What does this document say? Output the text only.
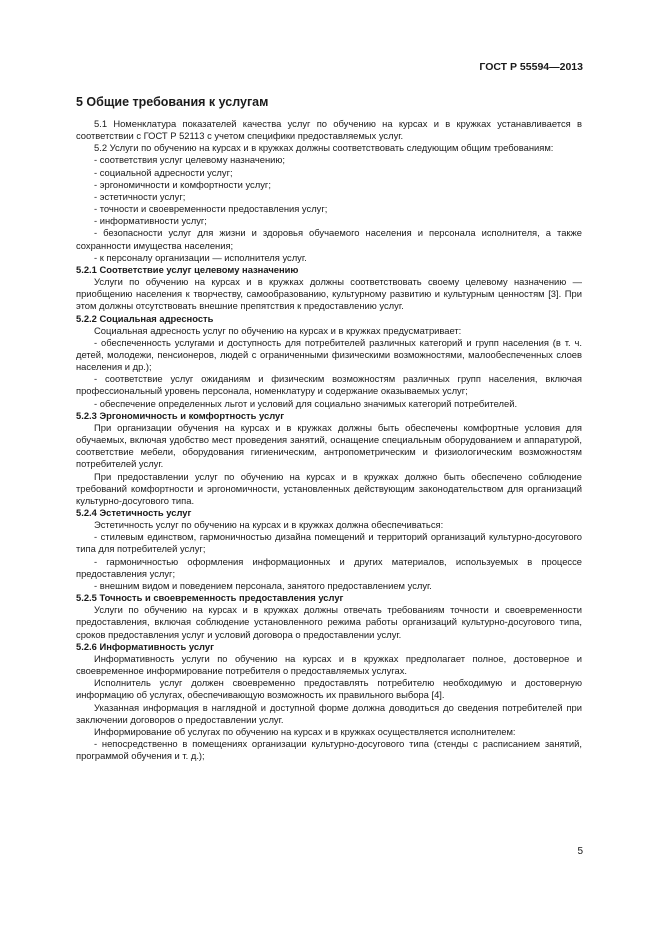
ГОСТ Р 55594—2013
5 Общие требования к услугам

5.1 Номенклатура показателей качества услуг по обучению на курсах и в кружках устанавливается в соответствии с ГОСТ Р 52113 с учетом специфики предоставляемых услуг.

5.2 Услуги по обучению на курсах и в кружках должны соответствовать следующим общим требованиям:

- соответствия услуг целевому назначению;

- социальной адресности услуг;

- эргономичности и комфортности услуг;

- эстетичности услуг;

- точности и своевременности предоставления услуг;

- информативности услуг;

- безопасности услуг для жизни и здоровья обучаемого населения и персонала исполнителя, а также сохранности имущества населения;

- к персоналу организации — исполнителя услуг.

5.2.1 Соответствие услуг целевому назначению

Услуги по обучению на курсах и в кружках должны соответствовать своему целевому назначению — приобщению населения к творчеству, самообразованию, культурному развитию и культурным ценностям [3]. При этом должны отсутствовать внешние препятствия к предоставлению услуг.

5.2.2 Социальная адресность

Социальная адресность услуг по обучению на курсах и в кружках предусматривает:

- обеспеченность услугами и доступность для потребителей различных категорий и групп населения (в т. ч. детей, молодежи, пенсионеров, людей с ограниченными физическими возможностями, малообеспеченных слоев населения и др.);

- соответствие услуг ожиданиям и физическим возможностям различных групп населения, включая профессиональный уровень персонала, номенклатуру и содержание оказываемых услуг;

- обеспечение определенных льгот и условий для социально значимых категорий потребителей.

5.2.3 Эргономичность и комфортность услуг

При организации обучения на курсах и в кружках должны быть обеспечены комфортные условия для обучаемых, включая удобство мест проведения занятий, оснащение специальным оборудованием и аппаратурой, соответствие мебели, оборудования гигиеническим, антропометрическим и физиологическим возможностям потребителей услуг.

При предоставлении услуг по обучению на курсах и в кружках должно быть обеспечено соблюдение требований комфортности и эргономичности, установленных действующим законодательством для организаций культурно-досугового типа.

5.2.4 Эстетичность услуг

Эстетичность услуг по обучению на курсах и в кружках должна обеспечиваться:

- стилевым единством, гармоничностью дизайна помещений и территорий организаций культурно-досугового типа для потребителей услуг;

- гармоничностью оформления информационных и других материалов, используемых в процессе предоставления услуг;

- внешним видом и поведением персонала, занятого предоставлением услуг.

5.2.5 Точность и своевременность предоставления услуг

Услуги по обучению на курсах и в кружках должны отвечать требованиям точности и своевременности предоставления, включая соблюдение установленного режима работы организаций культурно-досугового типа, сроков предоставления услуг и условий договора о предоставлении услуг.

5.2.6 Информативность услуг

Информативность услуги по обучению на курсах и в кружках предполагает полное, достоверное и своевременное информирование потребителя о предоставляемых услугах.

Исполнитель услуг должен своевременно предоставлять потребителю необходимую и достоверную информацию об услугах, обеспечивающую возможность их правильного выбора [4].

Указанная информация в наглядной и доступной форме должна доводиться до сведения потребителей при заключении договоров о предоставлении услуг.

Информирование об услугах по обучению на курсах и в кружках осуществляется исполнителем:

- непосредственно в помещениях организации культурно-досугового типа (стенды с расписанием занятий, программой обучения и т. д.);

5
